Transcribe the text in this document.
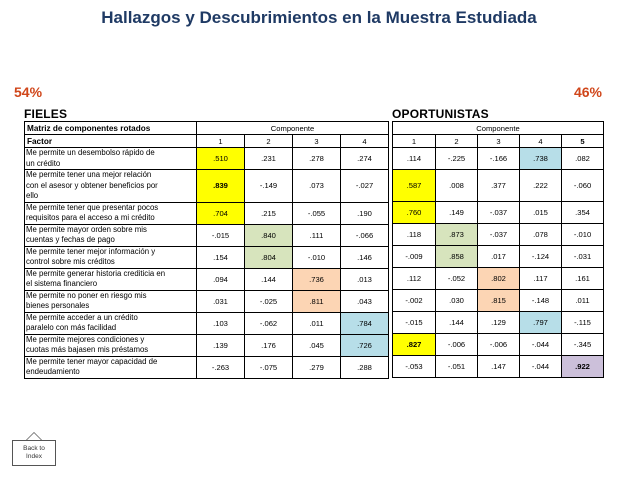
Hallazgos y Descubrimientos en la Muestra Estudiada
54%	46%
FIELES	OPORTUNISTAS
Matriz de componentes rotados	Componente			
Factor	1	2	3	4
Me permite un desembolso rápido de
un crédito	.510	.231	.278	.274
Me permite tener una mejor relación
con el asesor y obtener beneficios por
ello	.839	-.149	.073	-.027
Me permite tener que presentar pocos
requisitos para el acceso a mi crédito	.704	.215	-.055	.190
Me permite mayor orden sobre mis
cuentas y fechas de pago	-.015	.840	.111	-.066
Me permite tener mejor información y
control sobre mis créditos	.154	.804	-.010	.146
Me permite generar historia crediticia en
el sistema financiero	.094	.144	.736	.013
Me permite no poner en riesgo mis
bienes personales	.031	-.025	.811	.043
Me permite acceder a un crédito
paralelo con más facilidad	.103	-.062	.011	.784
Me permite mejores condiciones y
cuotas más bajasen mis préstamos	.139	.176	.045	.726
Me permite tener mayor capacidad de
endeudamiento	-.263	-.075	.279	.288
Componente				
1	2	3	4	5
.114	-.225	-.166	.738	.082
.587	.008	.377	.222	-.060
.760	.149	-.037	.015	.354
.118	.873	-.037	.078	-.010
-.009	.858	.017	-.124	-.031
.112	-.052	.802	.117	.161
-.002	.030	.815	-.148	.011
-.015	.144	.129	.797	-.115
.827	-.006	-.006	-.044	-.345
-.053	-.051	.147	-.044	.922
Back to
Index
